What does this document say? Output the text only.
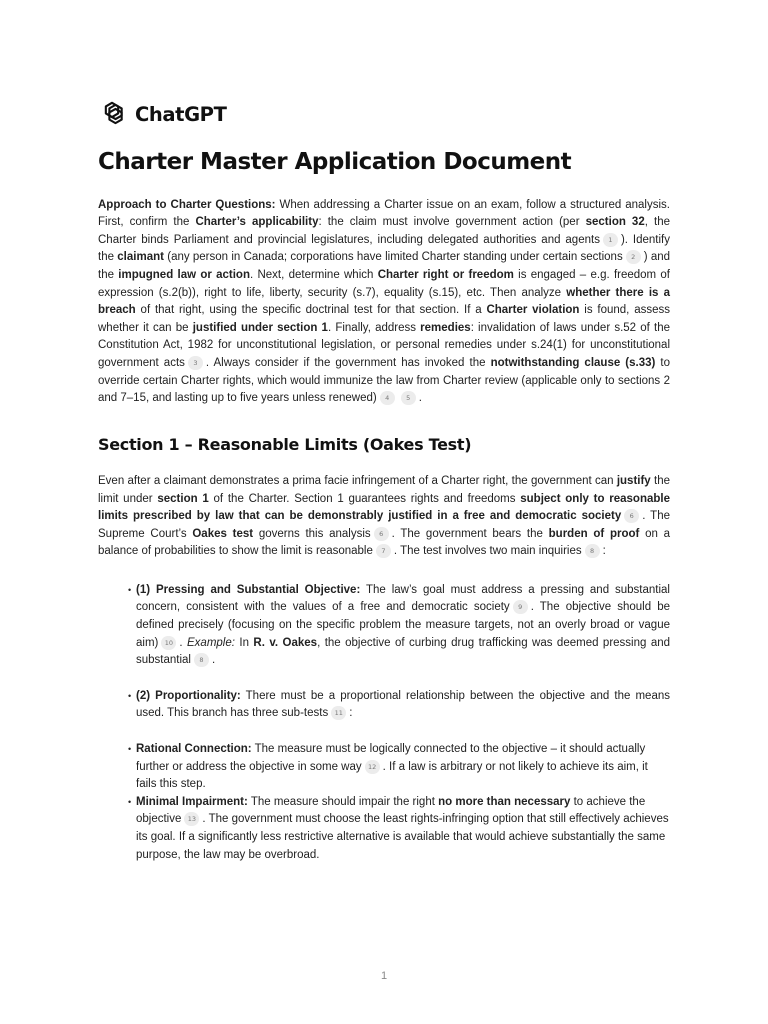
ChatGPT
Charter Master Application Document

Approach to Charter Questions: When addressing a Charter issue on an exam, follow a structured analysis. First, confirm the Charter’s applicability: the claim must involve government action (per section 32, the Charter binds Parliament and provincial legislatures, including delegated authorities and agents 1 ). Identify the claimant (any person in Canada; corporations have limited Charter standing under certain sections 2 ) and the impugned law or action. Next, determine which Charter right or freedom is engaged – e.g. freedom of expression (s.2(b)), right to life, liberty, security (s.7), equality (s.15), etc. Then analyze whether there is a breach of that right, using the specific doctrinal test for that section. If a Charter violation is found, assess whether it can be justified under section 1. Finally, address remedies: invalidation of laws under s.52 of the Constitution Act, 1982 for unconstitutional legislation, or personal remedies under s.24(1) for unconstitutional government acts 3 . Always consider if the government has invoked the notwithstanding clause (s.33) to override certain Charter rights, which would immunize the law from Charter review (applicable only to sections 2 and 7–15, and lasting up to five years unless renewed) 4	5 .

Section 1 – Reasonable Limits (Oakes Test)

Even after a claimant demonstrates a prima facie infringement of a Charter right, the government can justify the limit under section 1 of the Charter. Section 1 guarantees rights and freedoms subject only to reasonable limits prescribed by law that can be demonstrably justified in a free and democratic society 6 . The Supreme Court’s Oakes test governs this analysis 6 . The government bears the burden of proof on a balance of probabilities to show the limit is reasonable 7 . The test involves two main inquiries 8 :

• (1) Pressing and Substantial Objective: The law’s goal must address a pressing and substantial concern, consistent with the values of a free and democratic society 9 . The objective should be defined precisely (focusing on the specific problem the measure targets, not an overly broad or vague aim) 10 . Example: In R. v. Oakes, the objective of curbing drug trafficking was deemed pressing and substantial 8 .
• (2) Proportionality: There must be a proportional relationship between the objective and the means used. This branch has three sub-tests 11 :
• Rational Connection: The measure must be logically connected to the objective – it should actually further or address the objective in some way 12 . If a law is arbitrary or not likely to achieve its aim, it fails this step.
• Minimal Impairment: The measure should impair the right no more than necessary to achieve the objective 13 . The government must choose the least rights-infringing option that still effectively achieves its goal. If a significantly less restrictive alternative is available that would achieve substantially the same purpose, the law may be overbroad.
1
